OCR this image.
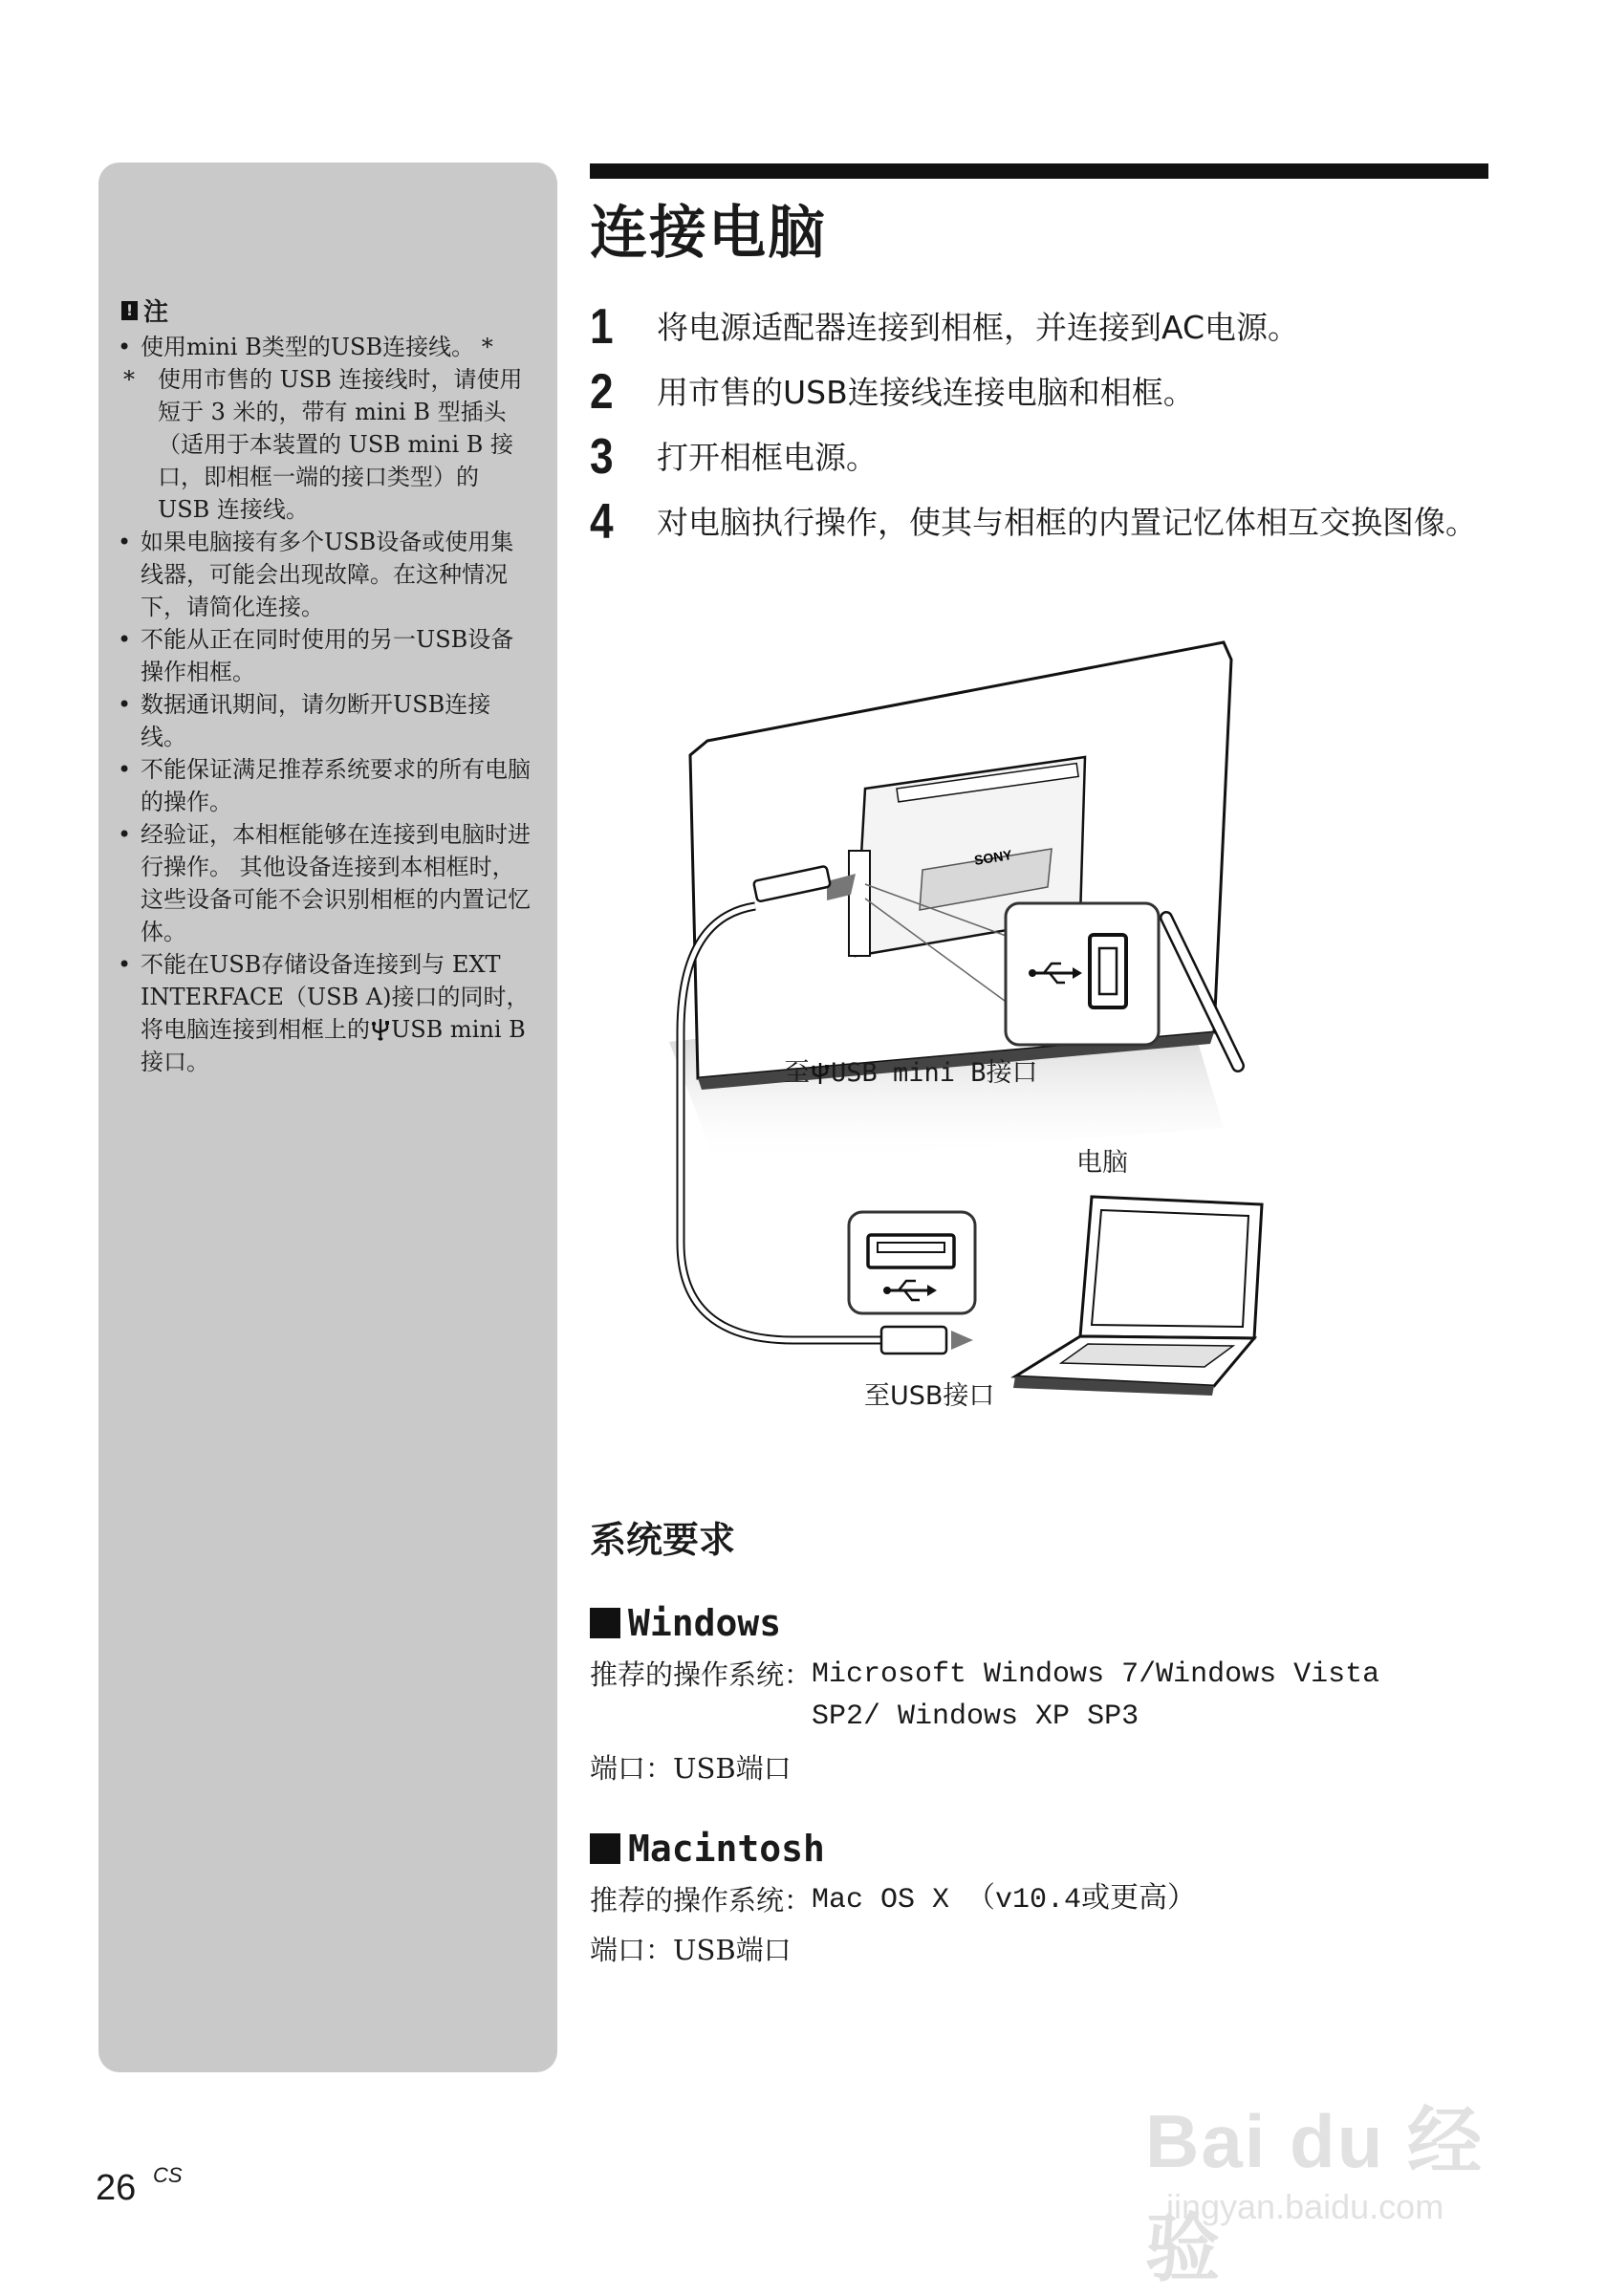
! 注
• 使用mini B类型的USB连接线。 *
* 使用市售的 USB 连接线时，请使用短于 3 米的，带有 mini B 型插头 （适用于本装置的 USB mini B 接口，即相框一端的接口类型）的 USB 连接线。
• 如果电脑接有多个USB设备或使用集线器，可能会出现故障。在这种情况下，请简化连接。
• 不能从正在同时使用的另一USB设备操作相框。
• 数据通讯期间，请勿断开USB连接线。
• 不能保证满足推荐系统要求的所有电脑的操作。
• 经验证，本相框能够在连接到电脑时进行操作。 其他设备连接到本相框时，这些设备可能不会识别相框的内置记忆体。
• 不能在USB存储设备连接到与 EXT INTERFACE（USB A)接口的同时，将电脑连接到相框上的 USB mini B接口。
连接电脑
1 将电源适配器连接到相框，并连接到AC电源。
2 用市售的USB连接线连接电脑和相框。
3 打开相框电源。
4 对电脑执行操作，使其与相框的内置记忆体相互交换图像。
SONY
至 USB mini B接口
电脑
至USB接口
系统要求
Windows
推荐的操作系统：Microsoft Windows 7/Windows Vista SP2/ Windows XP SP3
端口：USB端口
Macintosh
推荐的操作系统：Mac OS X （v10.4或更高）
端口：USB端口
26 CS	Bai du 经验
jingyan.baidu.com
